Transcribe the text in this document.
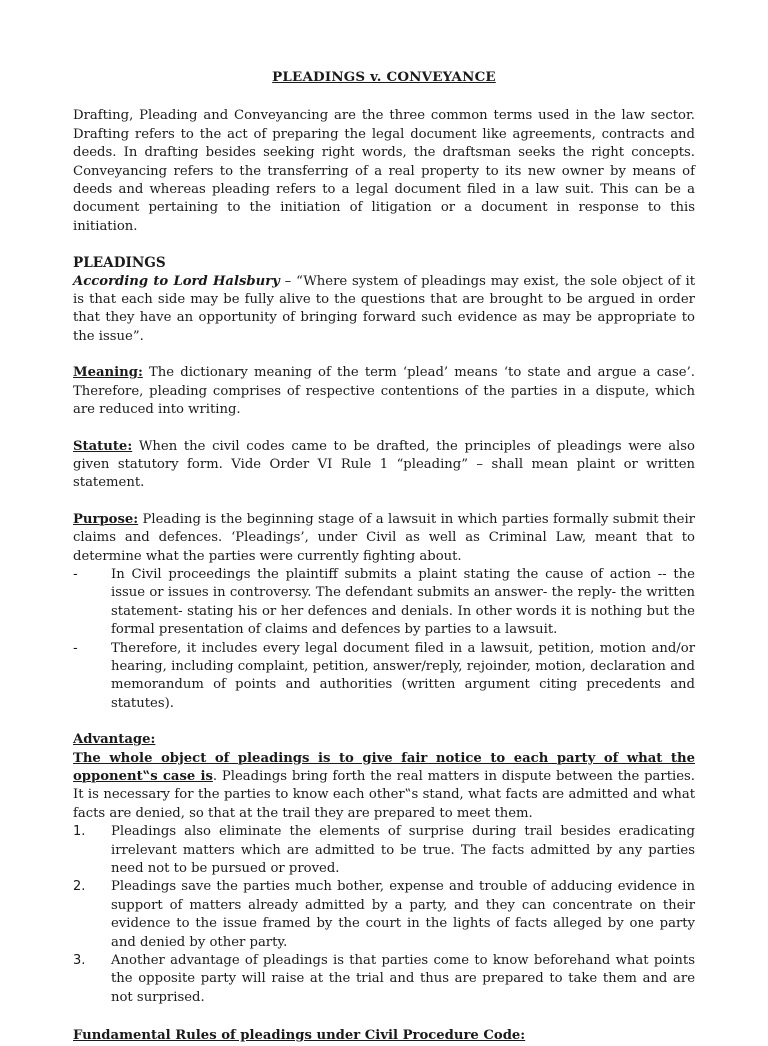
PLEADINGS v. CONVEYANCE

Drafting, Pleading and Conveyancing are the three common terms used in the law sector. Drafting refers to the act of preparing the legal document like agreements, contracts and deeds. In drafting besides seeking right words, the draftsman seeks the right concepts. Conveyancing refers to the transferring of a real property to its new owner by means of deeds and whereas pleading refers to a legal document filed in a law suit. This can be a document pertaining to the initiation of litigation or a document in response to this initiation.

PLEADINGS

According to Lord Halsbury – “Where system of pleadings may exist, the sole object of it is that each side may be fully alive to the questions that are brought to be argued in order that they have an opportunity of bringing forward such evidence as may be appropriate to the issue”.

Meaning: The dictionary meaning of the term ‘plead’ means ‘to state and argue a case’. Therefore, pleading comprises of respective contentions of the parties in a dispute, which are reduced into writing.

Statute: When the civil codes came to be drafted, the principles of pleadings were also given statutory form. Vide Order VI Rule 1 “pleading” – shall mean plaint or written statement.

Purpose: Pleading is the beginning stage of a lawsuit in which parties formally submit their claims and defences. ‘Pleadings’, under Civil as well as Criminal Law, meant that to determine what the parties were currently fighting about.

-	In Civil proceedings the plaintiff submits a plaint stating the cause of action -- the issue or issues in controversy. The defendant submits an answer- the reply- the written statement- stating his or her defences and denials. In other words it is nothing but the formal presentation of claims and defences by parties to a lawsuit.
-	Therefore, it includes every legal document filed in a lawsuit, petition, motion and/or hearing, including complaint, petition, answer/reply, rejoinder, motion, declaration and memorandum of points and authorities (written argument citing precedents and statutes).

Advantage:

The whole object of pleadings is to give fair notice to each party of what the opponent‟s case is. Pleadings bring forth the real matters in dispute between the parties. It is necessary for the parties to know each other‟s stand, what facts are admitted and what facts are denied, so that at the trail they are prepared to meet them.

1.	Pleadings also eliminate the elements of surprise during trail besides eradicating irrelevant matters which are admitted to be true. The facts admitted by any parties need not to be pursued or proved.
2.	Pleadings save the parties much bother, expense and trouble of adducing evidence in support of matters already admitted by a party, and they can concentrate on their evidence to the issue framed by the court in the lights of facts alleged by one party and denied by other party.
3.	Another advantage of pleadings is that parties come to know beforehand what points the opposite party will raise at the trial and thus are prepared to take them and are not surprised.

Fundamental Rules of pleadings under Civil Procedure Code:
